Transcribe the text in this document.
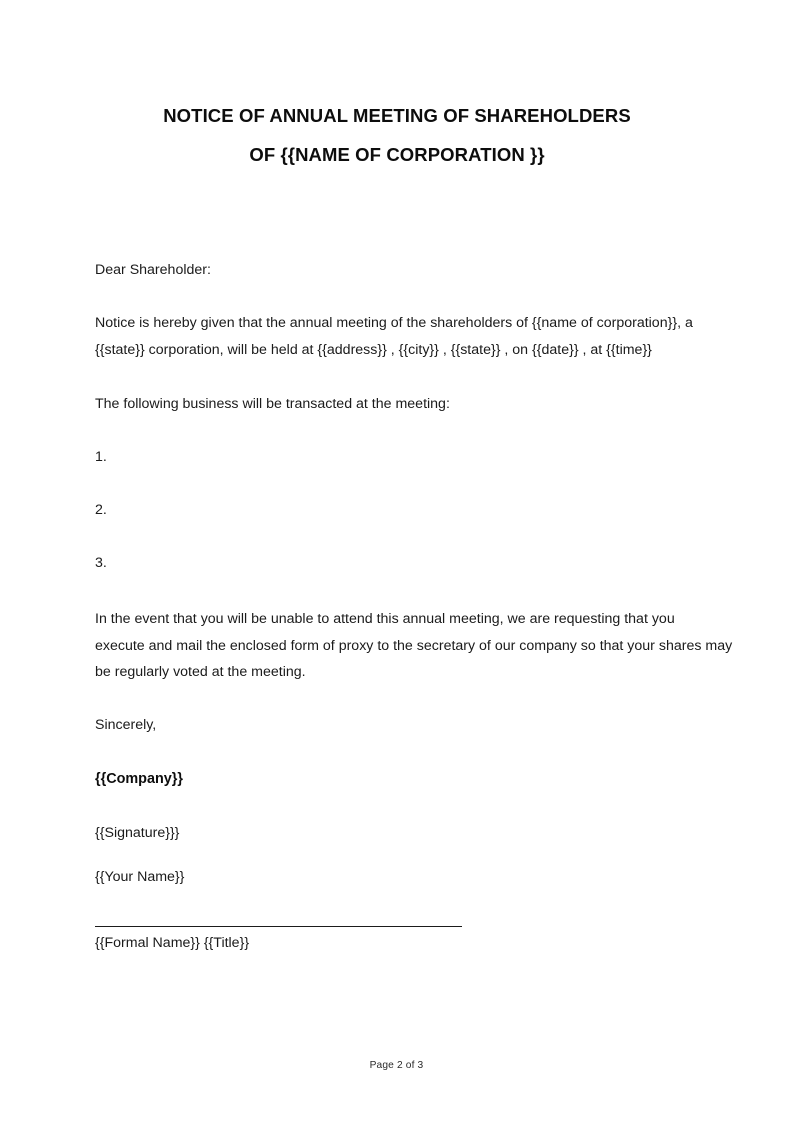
NOTICE OF ANNUAL MEETING OF SHAREHOLDERS
OF {{NAME OF CORPORATION }}
Dear Shareholder:
Notice is hereby given that the annual meeting of the shareholders of {{name of corporation}}, a
{{state}} corporation, will be held at {{address}} , {{city}} , {{state}} , on {{date}} , at {{time}}
The following business will be transacted at the meeting:
1.
2.
3.
In the event that you will be unable to attend this annual meeting, we are requesting that you
execute and mail the enclosed form of proxy to the secretary of our company so that your shares may
be regularly voted at the meeting.
Sincerely,
{{Company}}
{{Signature}}}
{{Your Name}}
{{Formal Name}} {{Title}}
Page 2 of 3
